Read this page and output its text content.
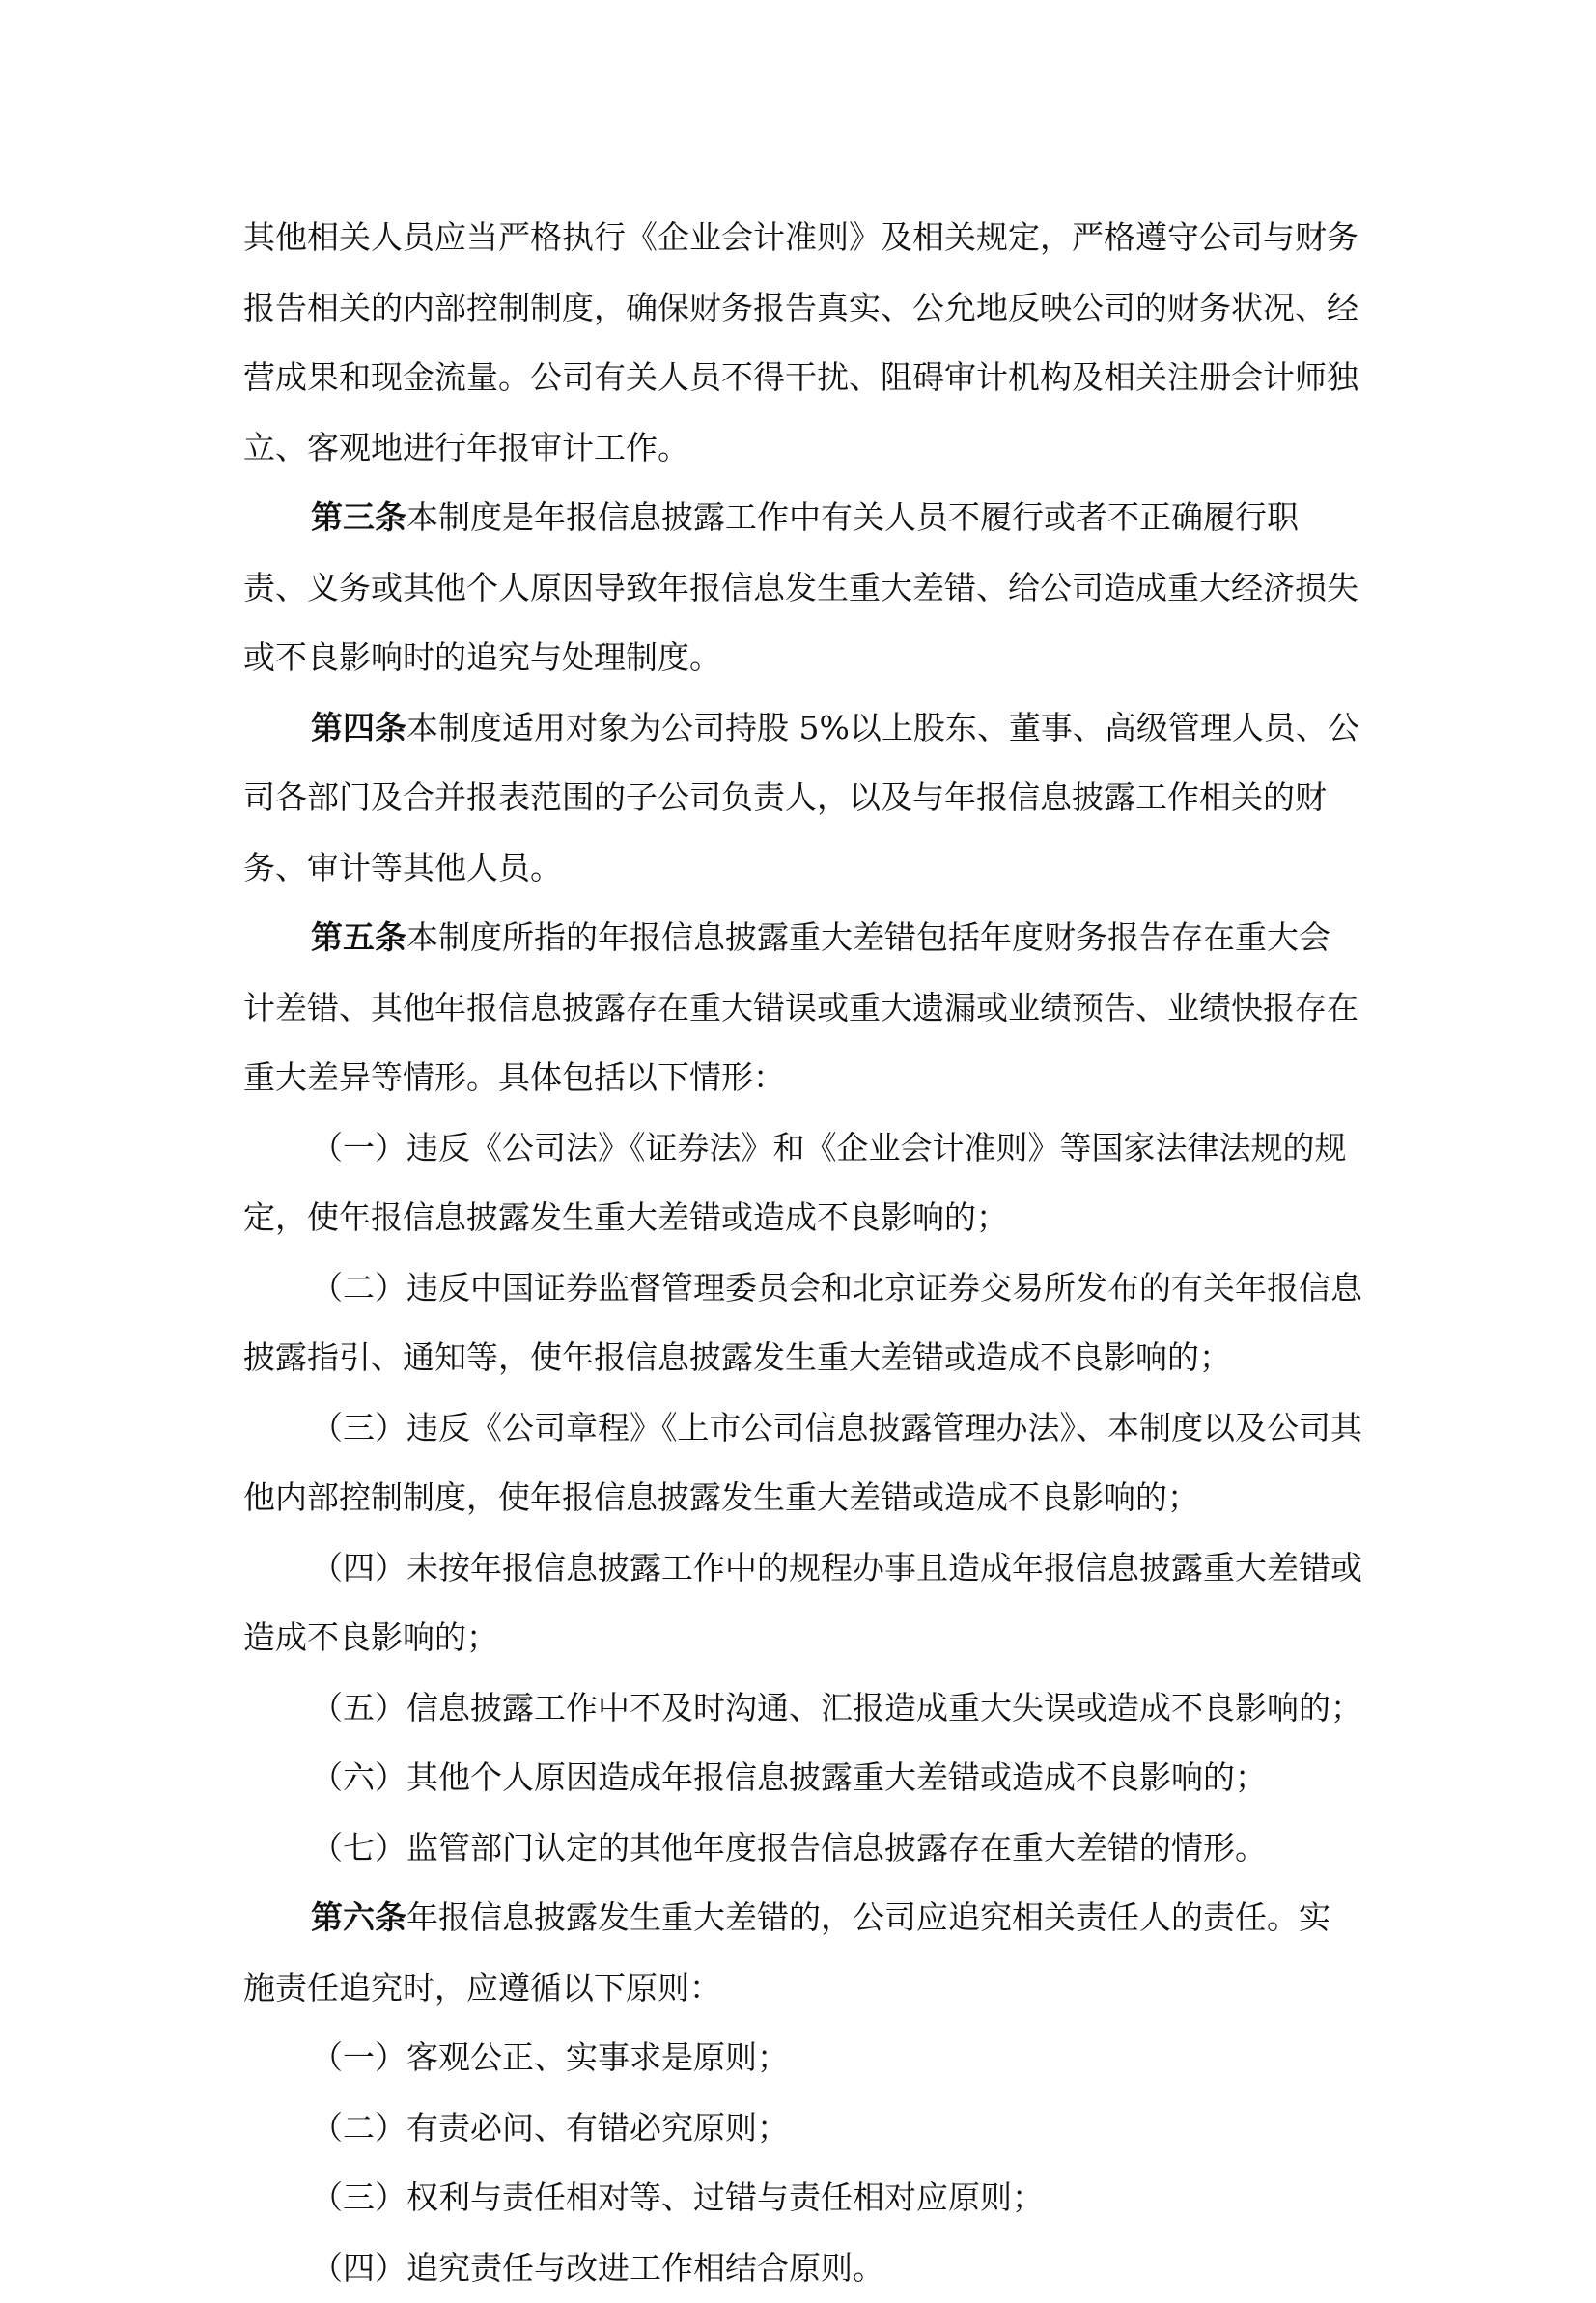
其他相关人员应当严格执行《企业会计准则》及相关规定，严格遵守公司与财务
报告相关的内部控制制度，确保财务报告真实、公允地反映公司的财务状况、经
营成果和现金流量。公司有关人员不得干扰、阻碍审计机构及相关注册会计师独
立、客观地进行年报审计工作。
第三条本制度是年报信息披露工作中有关人员不履行或者不正确履行职
责、义务或其他个人原因导致年报信息发生重大差错、给公司造成重大经济损失
或不良影响时的追究与处理制度。
第四条本制度适用对象为公司持股 5%以上股东、董事、高级管理人员、公
司各部门及合并报表范围的子公司负责人，以及与年报信息披露工作相关的财
务、审计等其他人员。
第五条本制度所指的年报信息披露重大差错包括年度财务报告存在重大会
计差错、其他年报信息披露存在重大错误或重大遗漏或业绩预告、业绩快报存在
重大差异等情形。具体包括以下情形：
（一）违反《公司法》《证券法》和《企业会计准则》等国家法律法规的规
定，使年报信息披露发生重大差错或造成不良影响的；
（二）违反中国证券监督管理委员会和北京证券交易所发布的有关年报信息
披露指引、通知等，使年报信息披露发生重大差错或造成不良影响的；
（三）违反《公司章程》《上市公司信息披露管理办法》、本制度以及公司其
他内部控制制度，使年报信息披露发生重大差错或造成不良影响的；
（四）未按年报信息披露工作中的规程办事且造成年报信息披露重大差错或
造成不良影响的；
（五）信息披露工作中不及时沟通、汇报造成重大失误或造成不良影响的；
（六）其他个人原因造成年报信息披露重大差错或造成不良影响的；
（七）监管部门认定的其他年度报告信息披露存在重大差错的情形。
第六条年报信息披露发生重大差错的，公司应追究相关责任人的责任。实
施责任追究时，应遵循以下原则：
（一）客观公正、实事求是原则；
（二）有责必问、有错必究原则；
（三）权利与责任相对等、过错与责任相对应原则；
（四）追究责任与改进工作相结合原则。
